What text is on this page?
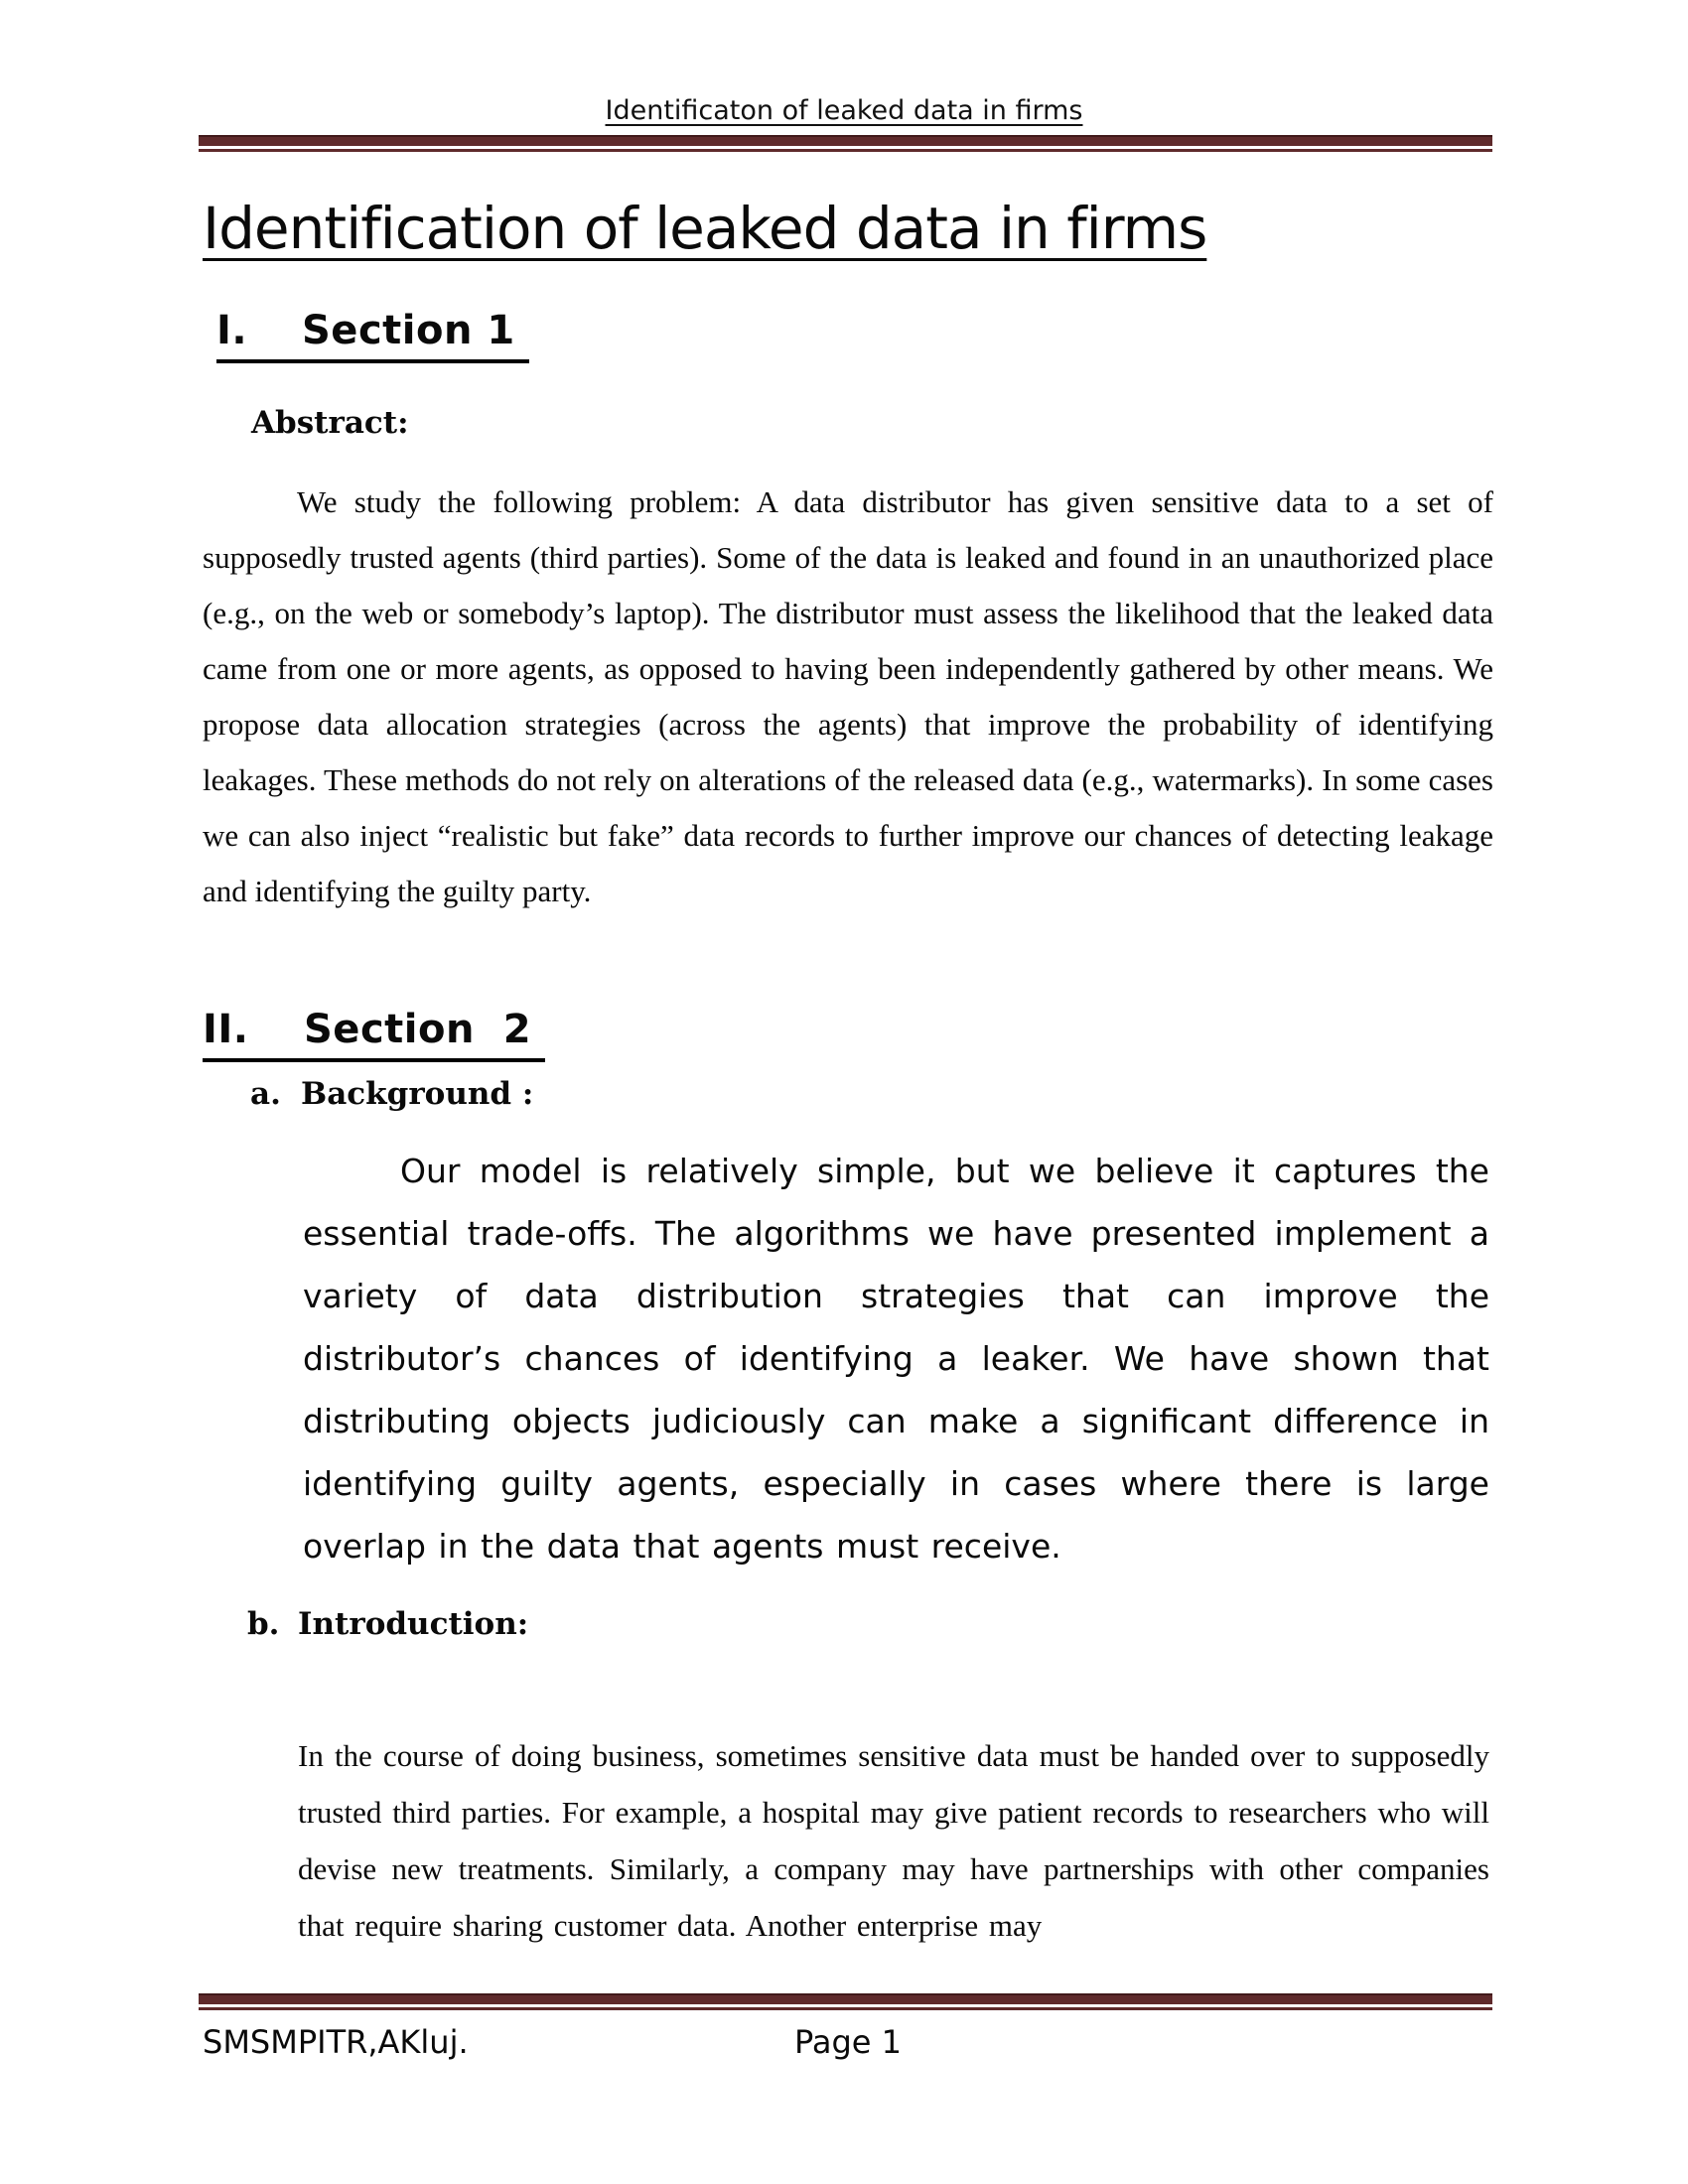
Identificaton of leaked data in firms
Identification of leaked data in firms
I. Section 1
Abstract:
We study the following problem: A data distributor has given sensitive data to a set of supposedly trusted agents (third parties). Some of the data is leaked and found in an unauthorized place (e.g., on the web or somebody’s laptop). The distributor must assess the likelihood that the leaked data came from one or more agents, as opposed to having been independently gathered by other means. We propose data allocation strategies (across the agents) that improve the probability of identifying leakages. These methods do not rely on alterations of the released data (e.g., watermarks). In some cases we can also inject “realistic but fake” data records to further improve our chances of detecting leakage and identifying the guilty party.
II. Section  2
a. Background :
Our model is relatively simple, but we believe it captures the essential trade-offs. The algorithms we have presented implement a variety of data distribution strategies that can improve the distributor’s chances of identifying a leaker. We have shown that distributing objects judiciously can make a significant difference in identifying guilty agents, especially in cases where there is large overlap in the data that agents must receive.
b. Introduction:
In the course of doing business, sometimes sensitive data must be handed over to supposedly trusted third parties. For example, a hospital may give patient records to researchers who will devise new treatments. Similarly, a company may have partnerships with other companies that require sharing customer data. Another enterprise may
SMSMPITR,AKluj.	Page 1
